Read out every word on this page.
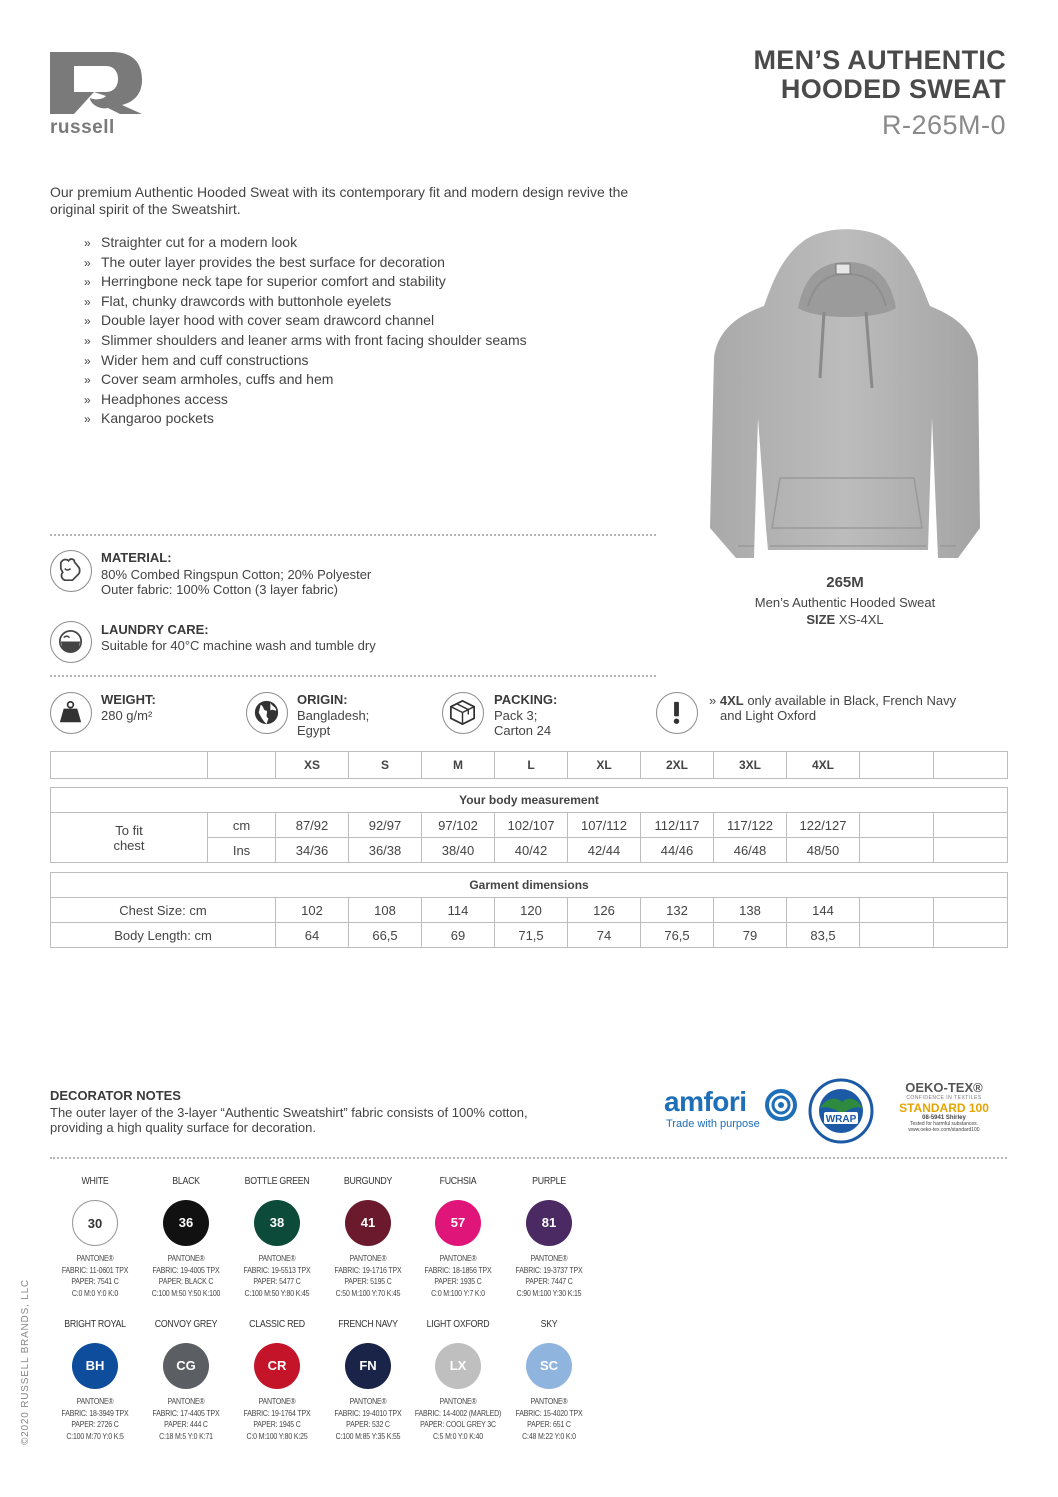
russell
MEN’S AUTHENTIC
HOODED SWEAT
R-265M-0
Our premium Authentic Hooded Sweat with its contemporary fit and modern design revive the original spirit of the Sweatshirt.
» Straighter cut for a modern look
» The outer layer provides the best surface for decoration
» Herringbone neck tape for superior comfort and stability
» Flat, chunky drawcords with buttonhole eyelets
» Double layer hood with cover seam drawcord channel
» Slimmer shoulders and leaner arms with front facing shoulder seams
» Wider hem and cuff constructions
» Cover seam armholes, cuffs and hem
» Headphones access
» Kangaroo pockets
265M
Men’s Authentic Hooded Sweat
SIZE XS-4XL
MATERIAL:
80% Combed Ringspun Cotton; 20% Polyester
Outer fabric: 100% Cotton (3 layer fabric)
LAUNDRY CARE:
Suitable for 40°C machine wash and tumble dry
WEIGHT:
280 g/m²
ORIGIN:
Bangladesh;
Egypt
PACKING:
Pack 3;
Carton 24
» 4XL only available in Black, French Navy
and Light Oxford
		XS	S	M	L	XL	2XL	3XL	4XL		
Your body measurement											

To fit chest	cm	87/92	92/97	97/102	102/107	107/112	112/117	117/122	122/127		
	Ins	34/36	36/38	38/40	40/42	42/44	44/46	46/48	48/50		
Garment dimensions										
Chest Size: cm	102	108	114	120	126	132	138	144		
Body Length: cm	64	66,5	69	71,5	74	76,5	79	83,5		
DECORATOR NOTES
The outer layer of the 3-layer “Authentic Sweatshirt” fabric consists of 100% cotton, providing a high quality surface for decoration.
amfori
Trade with purpose	WRAP
OEKO-TEX®
CONFIDENCE IN TEXTILES
STANDARD 100
08-5941 Shirley
Tested for harmful substances.
www.oeko-tex.com/standard100
WHITE
30
PANTONE®
FABRIC: 11-0601 TPX
PAPER: 7541 C
C:0 M:0 Y:0 K:0
BLACK
36
PANTONE®
FABRIC: 19-4005 TPX
PAPER: BLACK C
C:100 M:50 Y:50 K:100
BOTTLE GREEN
38
PANTONE®
FABRIC: 19-5513 TPX
PAPER: 5477 C
C:100 M:50 Y:80 K:45
BURGUNDY
41
PANTONE®
FABRIC: 19-1716 TPX
PAPER: 5195 C
C:50 M:100 Y:70 K:45
FUCHSIA
57
PANTONE®
FABRIC: 18-1856 TPX
PAPER: 1935 C
C:0 M:100 Y:7 K:0
PURPLE
81
PANTONE®
FABRIC: 19-3737 TPX
PAPER: 7447 C
C:90 M:100 Y:30 K:15
BRIGHT ROYAL
BH
PANTONE®
FABRIC: 18-3949 TPX
PAPER: 2726 C
C:100 M:70 Y:0 K:5
CONVOY GREY
CG
PANTONE®
FABRIC: 17-4405 TPX
PAPER: 444 C
C:18 M:5 Y:0 K:71
CLASSIC RED
CR
PANTONE®
FABRIC: 19-1764 TPX
PAPER: 1945 C
C:0 M:100 Y:80 K:25
FRENCH NAVY
FN
PANTONE®
FABRIC: 19-4010 TPX
PAPER: 532 C
C:100 M:85 Y:35 K:55
LIGHT OXFORD
LX
PANTONE®
FABRIC: 14-4002 (MARLED)
PAPER: COOL GREY 3C
C:5 M:0 Y:0 K:40
SKY
SC
PANTONE®
FABRIC: 15-4020 TPX
PAPER: 651 C
C:48 M:22 Y:0 K:0
©2020 RUSSELL BRANDS, LLC
